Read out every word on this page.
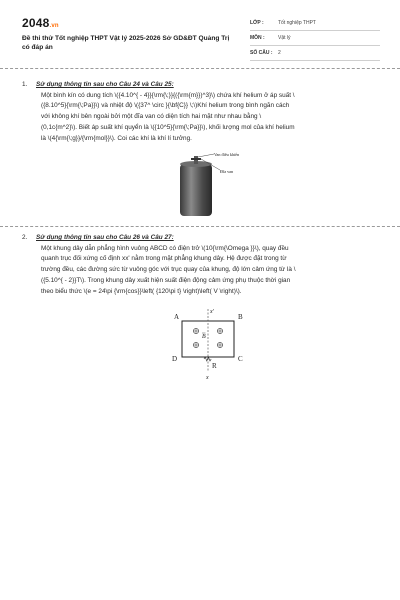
2048.vn
Đề thi thử Tốt nghiệp THPT Vật lý 2025-2026 Sở GD&ĐT Quảng Trị có đáp án
LỚP :	Tốt nghiệp THPT
MÔN :	Vật lý
SỐ CÂU :	2
1.	Sử dụng thông tin sau cho Câu 24 và Câu 25:
Một bình kín có dung tích \({4.10^{ - 4}}{\rm{\;}}{({\rm{m}})^3}\) chứa khí helium ở áp suất \
({8.10^5}{\rm{\;Pa}}\) và nhiệt độ \({37^ \circ }{\bf{C}} \;\)Khí helium trong bình ngăn cách
với không khí bên ngoài bởi một đĩa van có diện tích hai mặt như nhau bằng \
(0,1c{m^2}\). Biết áp suất khí quyển là \({10^5}{\rm{\;Pa}}\), khối lượng mol của khí helium
là \(4{\rm{\;g}}/{\rm{mol}}\). Coi các khí là khí lí tưởng.
Van điều khiển
Đĩa van
2.	Sử dụng thông tin sau cho Câu 26 và Câu 27:
Một khung dây dẫn phẳng hình vuông ABCD có điện trở \(10{\rm{\Omega }}\), quay đều
quanh trục đối xứng cố định xx' nằm trong mặt phẳng khung dây. Hệ được đặt trong từ
trường đều, các đường sức từ vuông góc với trục quay của khung, độ lớn cảm ứng từ là \
({5.10^{ - 2}}T\). Trong khung dây xuất hiện suất điện động cảm ứng phụ thuộc thời gian
theo biểu thức \(e = 24\pi {\rm{cos}}\left( {120\pi t} \right)\left( V \right)\).
B
A	B
C
D
R
x'
x
